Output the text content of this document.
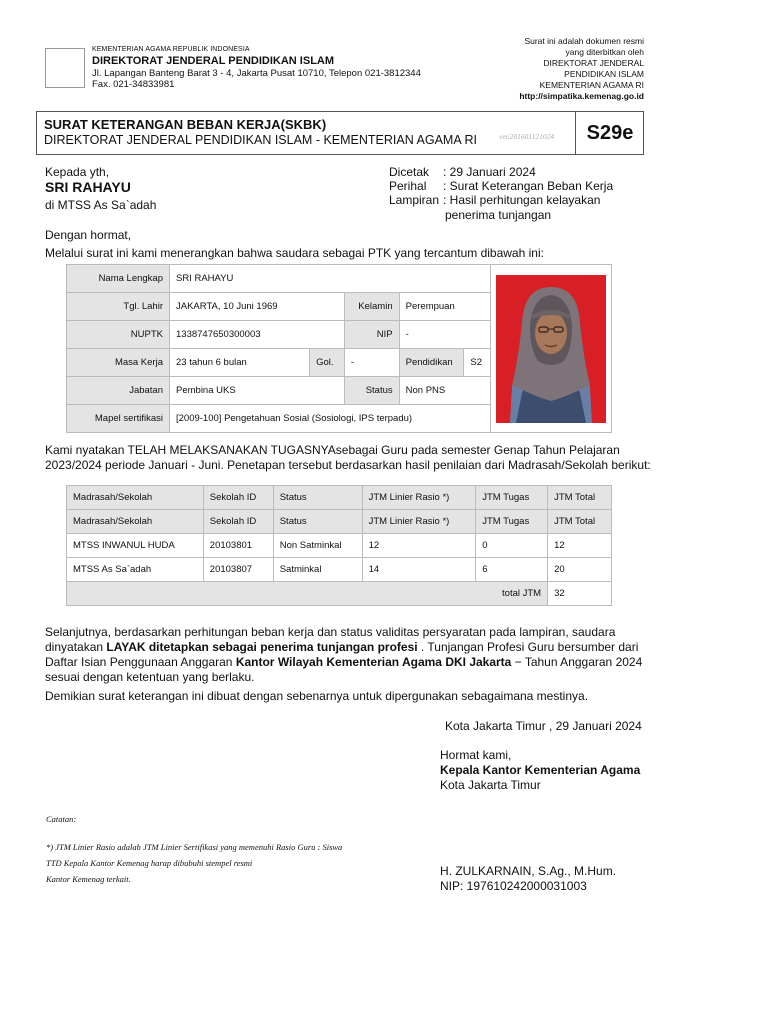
KEMENTERIAN AGAMA REPUBLIK INDONESIA
DIREKTORAT JENDERAL PENDIDIKAN ISLAM
Jl. Lapangan Banteng Barat 3 - 4, Jakarta Pusat 10710, Telepon 021-3812344
Fax. 021-34833981
Surat ini adalah dokumen resmi
yang diterbitkan oleh
DIREKTORAT JENDERAL
PENDIDIKAN ISLAM
KEMENTERIAN AGAMA RI
http://simpatika.kemenag.go.id
SURAT KETERANGAN BEBAN KERJA(SKBK)
DIREKTORAT JENDERAL PENDIDIKAN ISLAM - KEMENTERIAN AGAMA RI	ver.201601121024	S29e
Kepada yth,
SRI RAHAYU
di MTSS As Sa`adah
Dicetak : 29 Januari 2024
Perihal : Surat Keterangan Beban Kerja
Lampiran : Hasil perhitungan kelayakan
penerima tunjangan
Dengan hormat,
Melalui surat ini kami menerangkan bahwa saudara sebagai PTK yang tercantum dibawah ini:
Nama Lengkap	SRI RAHAYU	

Tgl. Lahir	JAKARTA, 10 Juni 1969		Kelamin	Perempuan		
NUPTK	1338747650300003		NIP	-		
Masa Kerja	23 tahun 6 bulan	Gol.	-	Pendidikan	S2	
Jabatan	Pembina UKS		Status	Non PNS		
Mapel sertifikasi	[2009-100] Pengetahuan Sosial (Sosiologi, IPS terpadu)					
Kami nyatakan TELAH MELAKSANAKAN TUGASNYAsebagai Guru pada semester Genap Tahun Pelajaran
2023/2024 periode Januari - Juni. Penetapan tersebut berdasarkan hasil penilaian dari Madrasah/Sekolah berikut:
Madrasah/Sekolah	Sekolah ID	Status	JTM Linier Rasio *)	JTM Tugas	JTM Total
Madrasah/Sekolah	Sekolah ID	Status	JTM Linier Rasio *)	JTM Tugas	JTM Total
MTSS INWANUL HUDA	20103801	Non Satminkal	12	0	12
MTSS As Sa`adah	20103807	Satminkal	14	6	20
total JTM					32
Selanjutnya, berdasarkan perhitungan beban kerja dan status validitas persyaratan pada lampiran, saudara
dinyatakan LAYAK ditetapkan sebagai penerima tunjangan profesi . Tunjangan Profesi Guru bersumber dari
Daftar Isian Penggunaan Anggaran Kantor Wilayah Kementerian Agama DKI Jakarta − Tahun Anggaran 2024
sesuai dengan ketentuan yang berlaku.
Demikian surat keterangan ini dibuat dengan sebenarnya untuk dipergunakan sebagaimana mestinya.
Kota Jakarta Timur , 29 Januari 2024
Hormat kami,
Kepala Kantor Kementerian Agama
Kota Jakarta Timur
H. ZULKARNAIN, S.Ag., M.Hum.
NIP: 197610242000031003
Catatan:
*) JTM Linier Rasio adalah JTM Linier Sertifikasi yang memenuhi Rasio Guru : Siswa
TTD Kepala Kantor Kemenag harap dibubuhi stempel resmi
Kantor Kemenag terkait.
